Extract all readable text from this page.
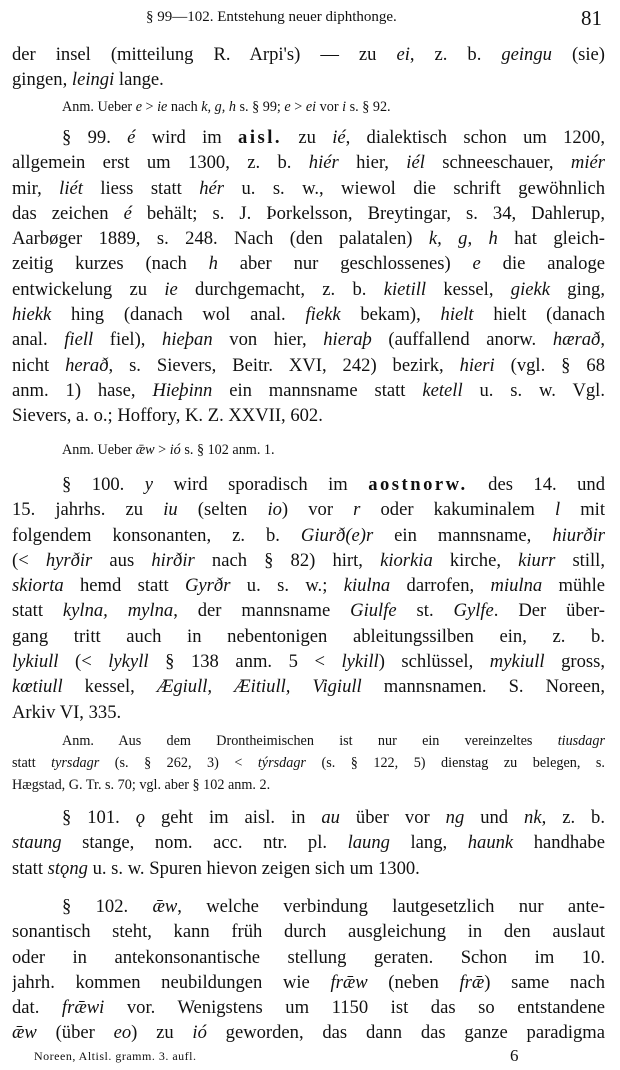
§ 99—102. Entstehung neuer diphthonge.	81
der insel (mitteilung R. Arpi's) — zu ei, z. b. geingu (sie)
gingen, leingi lange.
Anm. Ueber e > ie nach k, g, h s. § 99; e > ei vor i s. § 92.
§ 99. é wird im aisl. zu ié, dialektisch schon um 1200,
allgemein erst um 1300, z. b. hiér hier, iél schneeschauer, miér
mir, liét liess statt hér u. s. w., wiewol die schrift gewöhnlich
das zeichen é behält; s. J. Þorkelsson, Breytingar, s. 34, Dahlerup,
Aarbøger 1889, s. 248. Nach (den palatalen) k, g, h hat gleich-
zeitig kurzes (nach h aber nur geschlossenes) e die analoge
entwickelung zu ie durchgemacht, z. b. kietill kessel, giekk ging,
hiekk hing (danach wol anal. fiekk bekam), hielt hielt (danach
anal. fiell fiel), hieþan von hier, hieraþ (auffallend anorw. hærað,
nicht herað, s. Sievers, Beitr. XVI, 242) bezirk, hieri (vgl. § 68
anm. 1) hase, Hieþinn ein mannsname statt ketell u. s. w. Vgl.
Sievers, a. o.; Hoffory, K. Z. XXVII, 602.
Anm. Ueber ǣw > ió s. § 102 anm. 1.
§ 100. y wird sporadisch im aostnorw. des 14. und
15. jahrhs. zu iu (selten io) vor r oder kakuminalem l mit
folgendem konsonanten, z. b. Giurð(e)r ein mannsname, hiurðir
(< hyrðir aus hirðir nach § 82) hirt, kiorkia kirche, kiurr still,
skiorta hemd statt Gyrðr u. s. w.; kiulna darrofen, miulna mühle
statt kylna, mylna, der mannsname Giulfe st. Gylfe. Der über-
gang tritt auch in nebentonigen ableitungssilben ein, z. b.
lykiull (< lykyll § 138 anm. 5 < lykill) schlüssel, mykiull gross,
kœtiull kessel, Ægiull, Æitiull, Vigiull mannsnamen. S. Noreen,
Arkiv VI, 335.
Anm. Aus dem Drontheimischen ist nur ein vereinzeltes tiusdagr
statt tyrsdagr (s. § 262, 3) < týrsdagr (s. § 122, 5) dienstag zu belegen, s.
Hægstad, G. Tr. s. 70; vgl. aber § 102 anm. 2.
§ 101. ǫ geht im aisl. in au über vor ng und nk, z. b.
staung stange, nom. acc. ntr. pl. laung lang, haunk handhabe
statt stǫng u. s. w. Spuren hievon zeigen sich um 1300.
§ 102. ǣw, welche verbindung lautgesetzlich nur ante-
sonantisch steht, kann früh durch ausgleichung in den auslaut
oder in antekonsonantische stellung geraten. Schon im 10.
jahrh. kommen neubildungen wie frǣw (neben frǣ) same nach
dat. frǣwi vor. Wenigstens um 1150 ist das so entstandene
ǣw (über eo) zu ió geworden, das dann das ganze paradigma
Noreen, Altisl. gramm. 3. aufl.	6
